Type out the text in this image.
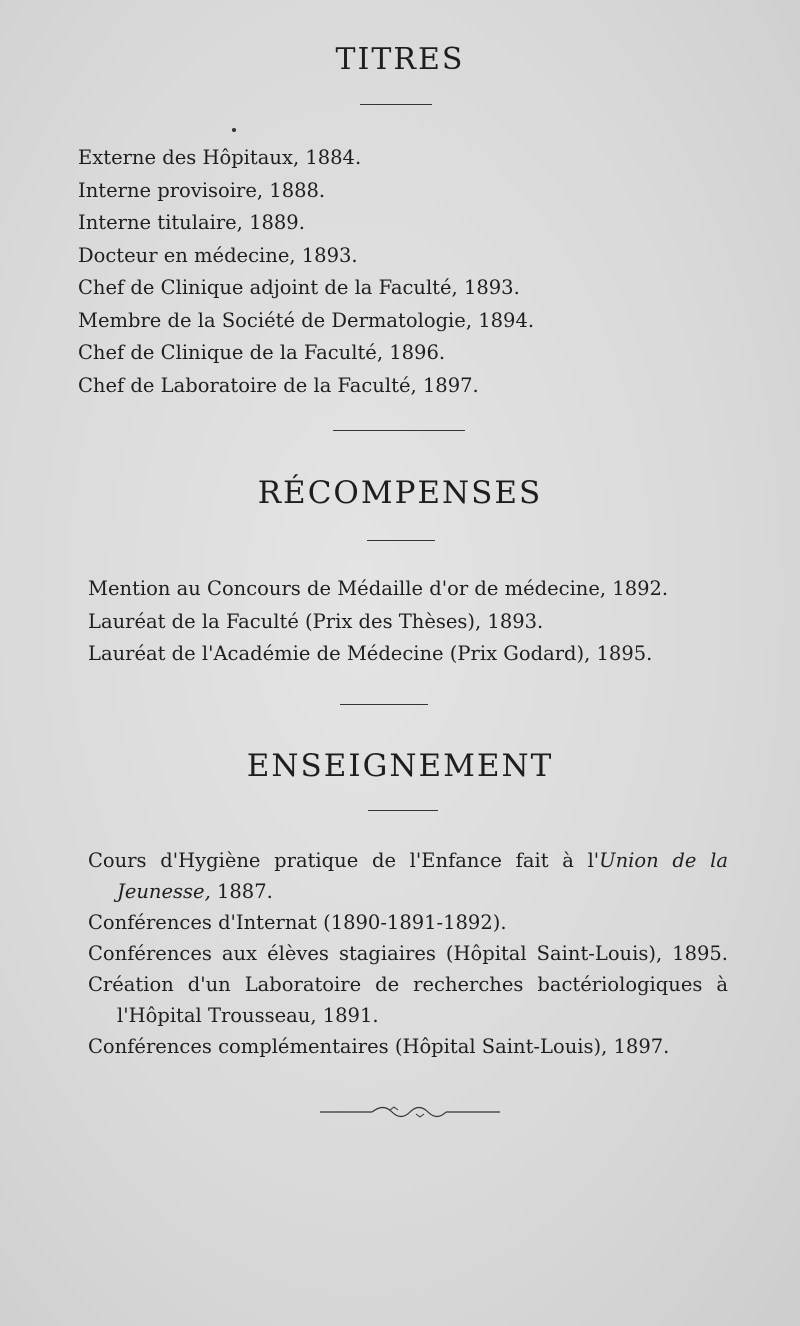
TITRES
Externe des Hôpitaux, 1884.
Interne provisoire, 1888.
Interne titulaire, 1889.
Docteur en médecine, 1893.
Chef de Clinique adjoint de la Faculté, 1893.
Membre de la Société de Dermatologie, 1894.
Chef de Clinique de la Faculté, 1896.
Chef de Laboratoire de la Faculté, 1897.
RÉCOMPENSES
Mention au Concours de Médaille d'or de médecine, 1892.
Lauréat de la Faculté (Prix des Thèses), 1893.
Lauréat de l'Académie de Médecine (Prix Godard), 1895.
ENSEIGNEMENT
Cours d'Hygiène pratique de l'Enfance fait à l'Union de la Jeunesse, 1887.
Conférences d'Internat (1890-1891-1892).
Conférences aux élèves stagiaires (Hôpital Saint-Louis), 1895.
Création d'un Laboratoire de recherches bactériologiques à l'Hôpital Trousseau, 1891.
Conférences complémentaires (Hôpital Saint-Louis), 1897.
